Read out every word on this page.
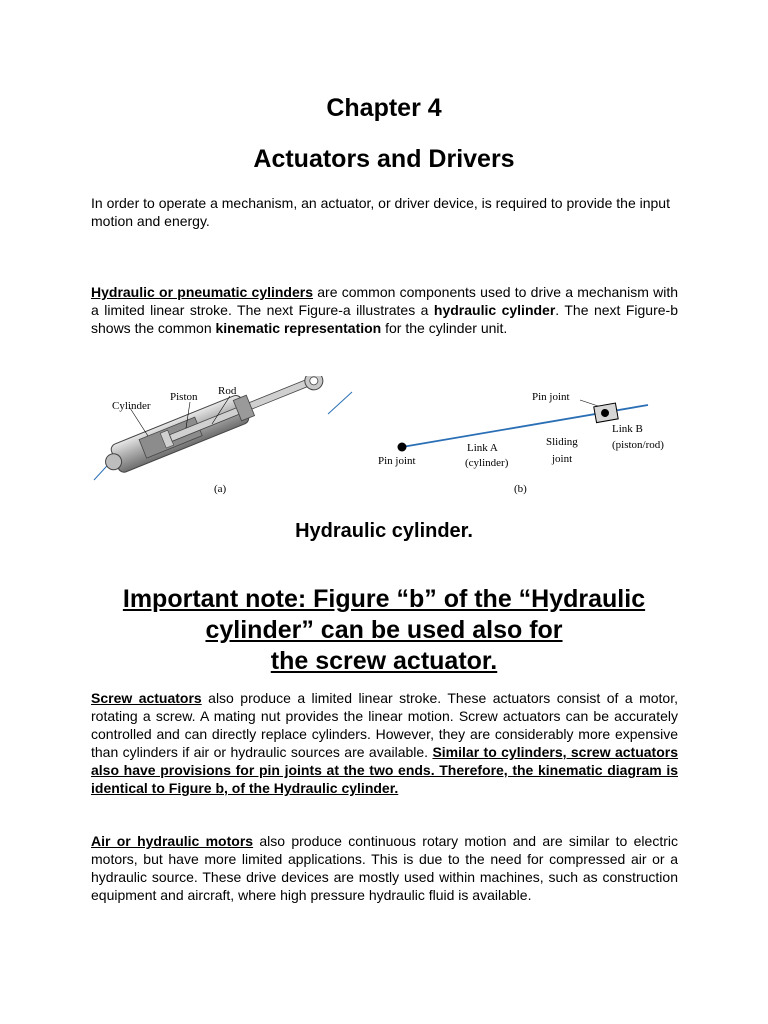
Chapter 4
Actuators and Drivers
In order to operate a mechanism, an actuator, or driver device, is required to provide the input motion and energy.
Hydraulic or pneumatic cylinders are common components used to drive a mechanism with a limited linear stroke. The next Figure-a illustrates a hydraulic cylinder. The next Figure-b shows the common kinematic representation for the cylinder unit.
Cylinder
Piston Rod
(a)
Pin joint
Pin joint
Link A
(cylinder)
Sliding
joint
Link B
(piston/rod)
(b)
Hydraulic cylinder.
Important note: Figure “b” of the “Hydraulic
cylinder” can be used also for
the screw actuator.
Screw actuators also produce a limited linear stroke. These actuators consist of a motor, rotating a screw. A mating nut provides the linear motion. Screw actuators can be accurately controlled and can directly replace cylinders. However, they are considerably more expensive than cylinders if air or hydraulic sources are available. Similar to cylinders, screw actuators also have provisions for pin joints at the two ends. Therefore, the kinematic diagram is identical to Figure b, of the Hydraulic cylinder.
Air or hydraulic motors also produce continuous rotary motion and are similar to electric motors, but have more limited applications. This is due to the need for compressed air or a hydraulic source. These drive devices are mostly used within machines, such as construction equipment and aircraft, where high pressure hydraulic fluid is available.
